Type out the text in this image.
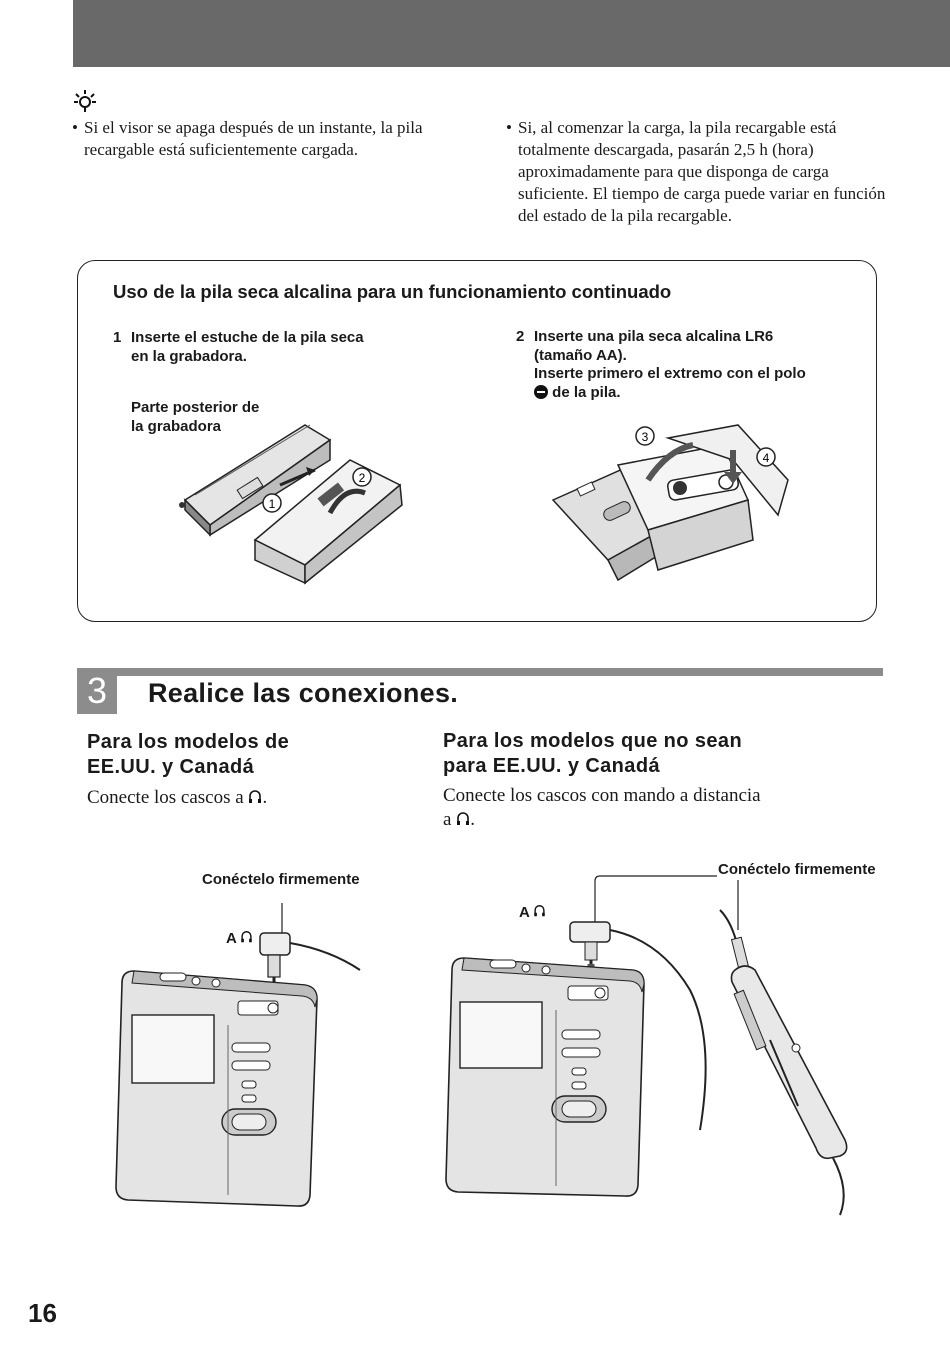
• Si el visor se apaga después de un instante, la pila recargable está suficientemente cargada.
• Si, al comenzar la carga, la pila recargable está totalmente descargada, pasarán 2,5 h (hora) aproximadamente para que disponga de carga suficiente. El tiempo de carga puede variar en función del estado de la pila recargable.
Uso de la pila seca alcalina para un funcionamiento continuado
1 Inserte el estuche de la pila seca en la grabadora.
Parte posterior de la grabadora
2 Inserte una pila seca alcalina LR6 (tamaño AA).
Inserte primero el extremo con el polo
de la pila.
1
2
3
4
3	Realice las conexiones.
Para los modelos de
EE.UU. y Canadá
Conecte los cascos a .
Para los modelos que no sean
para EE.UU. y Canadá
Conecte los cascos con mando a distancia
a .
Conéctelo firmemente
A
Conéctelo firmemente
A
16
